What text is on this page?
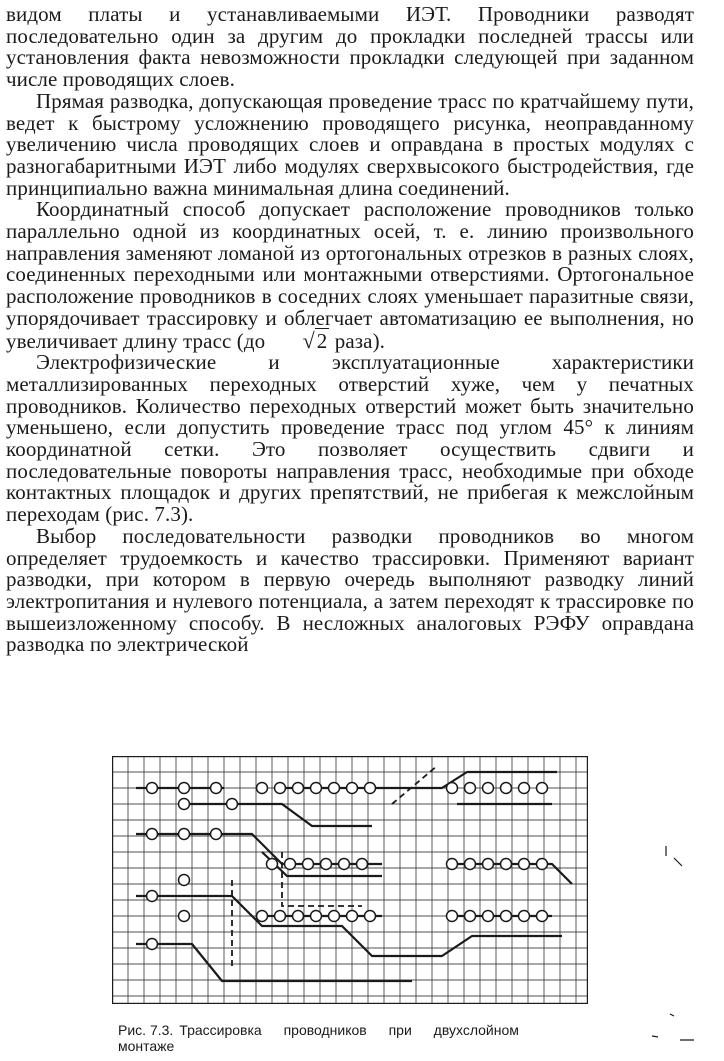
видом платы и устанавливаемыми ИЭТ. Проводники разводят последовательно один за другим до прокладки последней трассы или установления факта невозможности прокладки следующей при заданном числе проводящих слоев.

Прямая разводка, допускающая проведение трасс по кратчайшему пути, ведет к быстрому усложнению проводящего рисунка, неоправданному увеличению числа проводящих слоев и оправдана в простых модулях с разногабаритными ИЭТ либо модулях сверхвысокого быстродействия, где принципиально важна минимальная длина соединений.

Координатный способ допускает расположение проводников только параллельно одной из координатных осей, т. е. линию произвольного направления заменяют ломаной из ортогональных отрезков в разных слоях, соединенных переходными или монтажными отверстиями. Ортогональное расположение проводников в соседних слоях уменьшает паразитные связи, упорядочивает трассировку и облегчает автоматизацию ее выполнения, но увеличивает длину трасс (до √2 раза).

Электрофизические и эксплуатационные характеристики металлизированных переходных отверстий хуже, чем у печатных проводников. Количество переходных отверстий может быть значительно уменьшено, если допустить проведение трасс под углом 45° к линиям координатной сетки. Это позволяет осуществить сдвиги и последовательные повороты направления трасс, необходимые при обходе контактных площадок и других препятствий, не прибегая к межслойным переходам (рис. 7.3).

Выбор последовательности разводки проводников во многом определяет трудоемкость и качество трассировки. Применяют вариант разводки, при котором в первую очередь выполняют разводку линий электропитания и нулевого потенциала, а затем переходят к трассировке по вышеизложенному способу. В несложных аналоговых РЭФУ оправдана разводка по электрической

Рис. 7.3. Трассировка проводников при двухслойном монтаже
